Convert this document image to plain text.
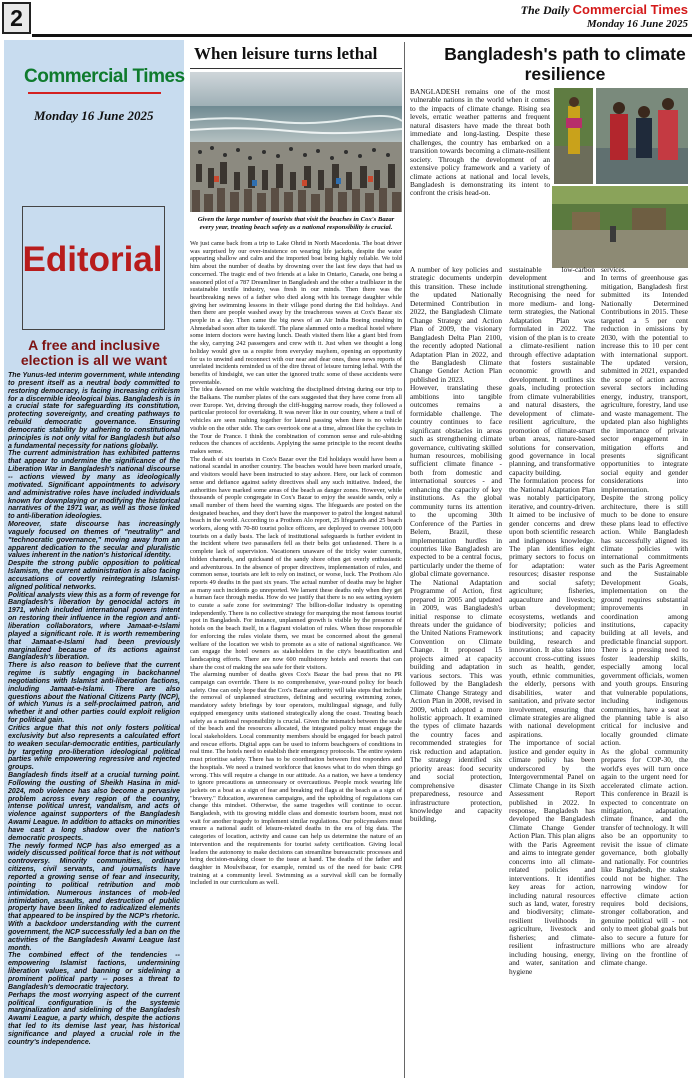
2	The Daily Commercial Times
Monday 16 June 2025
Commercial Times
Monday 16 June 2025
Editorial
A free and inclusive election is all we want

The Yunus-led interim government, while intending to present itself as a neutral body committed to restoring democracy, is facing increasing criticism for a discernible ideological bias. Bangladesh is in a crucial state for safeguarding its constitution, protecting sovereignty, and creating pathways to rebuild democratic governance. Ensuring democratic stability by adhering to constitutional principles is not only vital for Bangladesh but also a fundamental necessity for nations globally.

The current administration has exhibited patterns that appear to undermine the significance of the Liberation War in Bangladesh's national discourse -- actions viewed by many as ideologically motivated. Significant appointments to advisory and administrative roles have included individuals known for downplaying or modifying the historical narratives of the 1971 war, as well as those linked to anti-liberation ideologies.

Moreover, state discourse has increasingly vaguely focused on themes of "neutrality" and "technocratic governance," moving away from an apparent dedication to the secular and pluralistic values inherent in the nation's historical identity.

Despite the strong public opposition to political Islamism, the current administration is also facing accusations of covertly reintegrating Islamist-aligned political networks.

Political analysts view this as a form of revenge for Bangladesh's liberation by genocidal actors in 1971, which included international powers intent on restoring their influence in the region and anti-liberation collaborators, where Jamaat-e-Islami played a significant role. It is worth remembering that Jamaat-e-Islami had been previously marginalized because of its actions against Bangladesh's liberation.

There is also reason to believe that the current regime is subtly engaging in backchannel negotiations with Islamist anti-liberation factions, including Jamaat-e-Islami. There are also questions about the National Citizens Party (NCP), of which Yunus is a self-proclaimed patron, and whether it and other parties could exploit religion for political gain.

Critics argue that this not only fosters political exclusivity but also represents a calculated effort to weaken secular-democratic entities, particularly by targeting pro-liberation ideological political parties while empowering regressive and rejected groups.

Bangladesh finds itself at a crucial turning point. Following the ousting of Sheikh Hasina in mid-2024, mob violence has also become a pervasive problem across every region of the country, intense political unrest, vandalism, and acts of violence against supporters of the Bangladesh Awami League. In addition to attacks on minorities have cast a long shadow over the nation's democratic prospects.

The newly formed NCP has also emerged as a widely discussed political force that is not without controversy. Minority communities, ordinary citizens, civil servants, and journalists have reported a growing sense of fear and insecurity, pointing to political retribution and mob intimidation. Numerous instances of mob-led intimidation, assaults, and destruction of public property have been linked to radicalized elements that appeared to be inspired by the NCP's rhetoric. With a backdoor understanding with the current government, the NCP successfully led a ban on the activities of the Bangladesh Awami League last month.

The combined effect of the tendencies -- empowering Islamist factions, undermining liberation values, and banning or sidelining a prominent political party -- poses a threat to Bangladesh's democratic trajectory.

Perhaps the most worrying aspect of the current political configuration is the systemic marginalization and sidelining of the Bangladesh Awami League, a party which, despite the actions that led to its demise last year, has historical significance and played a crucial role in the country's independence.

When leisure turns lethal
Given the large number of tourists that visit the beaches in Cox's Bazar every year, treating beach safety as a national responsibility is crucial.

We just came back from a trip to Lake Ohrid in North Macedonia. The boat driver was surprised by our over-insistence on wearing life jackets, despite the water appearing shallow and calm and the imported boat being highly reliable. We told him about the number of deaths by drowning over the last few days that had us concerned. The tragic end of two friends at a lake in Ontario, Canada, one being a seasoned pilot of a 787 Dreamliner in Bangladesh and the other a trailblazer in the sustainable textile industry, was fresh in our minds. Then there was the heartbreaking news of a father who died along with his teenage daughter while giving her swimming lessons in their village pond during the Eid holidays. And then there are people washed away by the treacherous waves at Cox's Bazar six people in a day. Then came the big news of an Air India Boeing crashing in Ahmedabad soon after its takeoff. The plane slammed onto a medical hostel where some intern doctors were having lunch. Death visited them like a giant bird from the sky, carrying 242 passengers and crew with it. Just when we thought a long holiday would give us a respite from everyday mayhem, opening an opportunity for us to unwind and reconnect with our near and dear ones, these news reports of unrelated incidents reminded us of the dire threat of leisure turning lethal. With the benefits of hindsight, we can utter the ignored truth: some of these accidents were preventable.

The idea dawned on me while watching the disciplined driving during our trip to the Balkans. The number plates of the cars suggested that they have come from all over Europe. Yet, driving through the cliff-hugging narrow roads, they followed a particular protocol for overtaking. It was never like in our country, where a trail of vehicles are seen rushing together for lateral passing when there is no vehicle visible on the other side. The cars overtook one at a time, almost like the cyclists in the Tour de France. I think the combination of common sense and rule-abiding reduces the chances of accidents. Applying the same principle to the recent deaths makes sense.

The death of six tourists in Cox's Bazar over the Eid holidays would have been a national scandal in another country. The beaches would have been marked unsafe, and visitors would have been instructed to stay ashore. Here, our lack of common sense and defiance against safety directives shall any such initiative. Indeed, the authorities have marked some areas of the beach as danger zones. However, while thousands of people congregate in Cox's Bazar to enjoy the seaside sands, only a small number of them heed the warning signs. The lifeguards are posted on the designated beaches, and they don't have the manpower to patrol the longest natural beach in the world. According to a Prothom Alo report, 25 lifeguards and 25 beach workers, along with 70-80 tourist police officers, are deployed to oversee 100,000 tourists on a daily basis. The lack of institutional safeguards is further evident in the incident where two parasailers fell as their belts got unfastened. There is a complete lack of supervision. Vacationers unaware of the tricky water currents, hidden channels, and quicksand of the sandy shore often get overly enthusiastic and adventurous. In the absence of proper directives, implementation of rules, and common sense, tourists are left to rely on instinct, or worse, luck. The Prothom Alo reports 49 deaths in the past six years. The actual number of deaths may be higher as many such incidents go unreported. We lament these deaths only when they get a human face through media. How do we justify that there is no sea setting system to curate a safe zone for swimming? The billion-dollar industry is operating independently. There is no collective strategy for marquing the most famous tourist spot in Bangladesh. For instance, unplanned growth is visible by the presence of hotels on the beach itself, in a flagrant violation of rules. When those responsible for enforcing the rules violate them, we must be concerned about the general welfare of the location we wish to promote as a site of national significance. We can engage the hotel owners as stakeholders in the city's beautification and landscaping efforts. There are now 600 multistorey hotels and resorts that can share the cost of making the sea safe for their visitors.

The alarming number of deaths gives Cox's Bazar the bad press that no PR campaign can override. There is no comprehensive, year-round policy for beach safety. One can only hope that the Cox's Bazar authority will take steps that include the removal of unplanned structures, defining and securing swimming zones, mandatory safety briefings by tour operators, multilingual signage, and fully equipped emergency units stationed strategically along the coast. Treating beach safety as a national responsibility is crucial. Given the mismatch between the scale of the beach and the resources allocated, the integrated policy must engage the local stakeholders. Local community members should be engaged for beach patrol and rescue efforts. Digital apps can be used to inform beachgoers of conditions in real time. The hotels need to establish their emergency protocols. The entire system must prioritise safety. There has to be coordination between first responders and the hospitals. We need a trained workforce that knows what to do when things go wrong. This will require a change in our attitude. As a nation, we have a tendency to ignore precautions as unnecessary or overcautious. People mock wearing life jackets on a boat as a sign of fear and breaking red flags at the beach as a sign of "bravery." Education, awareness campaigns, and the upholding of regulations can change this mindset. Otherwise, the same tragedies will continue to occur. Bangladesh, with its growing middle class and domestic tourism boom, must not wait for another tragedy to implement similar regulations. Our policymakers must ensure a national audit of leisure-related deaths in the era of big data. The categories of location, activity and cause can help us determine the nature of an intervention and the requirements for tourist safety certification. Giving local leaders the autonomy to make decisions can streamline bureaucratic processes and bring decision-making closer to the issue at hand. The deaths of the father and daughter in Moulvibazar, for example, remind us of the need for basic CPR training at a community level. Swimming as a survival skill can be formally included in our curriculum as well.

Bangladesh's path to climate resilience

BANGLADESH remains one of the most vulnerable nations in the world when it comes to the impacts of climate change. Rising sea levels, erratic weather patterns and frequent natural disasters have made the threat both immediate and long-lasting. Despite these challenges, the country has embarked on a transition towards becoming a climate-resilient society. Through the development of an extensive policy framework and a variety of climate actions at national and local levels, Bangladesh is demonstrating its intent to confront the crisis head-on.

A number of key policies and strategic documents underpin this transition. These include the updated Nationally Determined Contribution in 2022, the Bangladesh Climate Change Strategy and Action Plan of 2009, the visionary Bangladesh Delta Plan 2100, the recently adopted National Adaptation Plan in 2022, and the Bangladesh Climate Change Gender Action Plan published in 2023.

However, translating these ambitions into tangible outcomes remains a formidable challenge. The country continues to face significant obstacles in areas such as strengthening climate governance, cultivating skilled human resources, mobilising sufficient climate finance - both from domestic and international sources - and enhancing the capacity of key institutions. As the global community turns its attention to the upcoming 30th Conference of the Parties in Belem, Brazil, these implementation hurdles in countries like Bangladesh are expected to be a central focus, particularly under the theme of global climate governance.

The National Adaptation Programme of Action, first prepared in 2005 and updated in 2009, was Bangladesh's initial response to climate threats under the guidance of the United Nations Framework Convention on Climate Change. It proposed 15 projects aimed at capacity building and adaptation in various sectors. This was followed by the Bangladesh Climate Change Strategy and Action Plan in 2008, revised in 2009, which adopted a more holistic approach. It examined the types of climate hazards the country faces and recommended strategies for risk reduction and adaptation. The strategy identified six priority areas: food security and social protection, comprehensive disaster preparedness, resource and infrastructure protection, knowledge and capacity building,

sustainable low-carbon development and institutional strengthening.

Recognising the need for more medium- and long-term strategies, the National Adaptation Plan was formulated in 2022. The vision of the plan is to create a climate-resilient nation through effective adaptation that fosters sustainable economic growth and development. It outlines six goals, including protection from climate vulnerabilities and natural disasters, the development of climate-resilient agriculture, the promotion of climate-smart urban areas, nature-based solutions for conservation, good governance in local planning, and transformative capacity building.

The formulation process for the National Adaptation Plan was notably participatory, iterative, and country-driven. It aimed to be inclusive of gender concerns and drew upon both scientific research and indigenous knowledge. The plan identifies eight primary sectors to focus on for adaptation: water resources; disaster response and social safety; agriculture; fisheries, aquaculture and livestock; urban development; ecosystems, wetlands and biodiversity; policies and institutions; and capacity building, research and innovation. It also takes into account cross-cutting issues such as health, gender, youth, ethnic communities, the elderly, persons with disabilities, water and sanitation, and private sector involvement, ensuring that climate strategies are aligned with national development aspirations.

The importance of social justice and gender equity in climate policy has been underscored by the Intergovernmental Panel on Climate Change in its Sixth Assessment Report published in 2022. In response, Bangladesh has developed the Bangladesh Climate Change Gender Action Plan. This plan aligns with the Paris Agreement and aims to integrate gender concerns into all climate-related policies and interventions. It identifies key areas for action, including natural resources such as land, water, forestry and biodiversity; climate-resilient livelihoods in agriculture, livestock and fisheries; and climate-resilient infrastructure including housing, energy, and water, sanitation and hygiene

services.

In terms of greenhouse gas mitigation, Bangladesh first submitted its Intended Nationally Determined Contributions in 2015. These targeted a 5 per cent reduction in emissions by 2030, with the potential to increase this to 10 per cent with international support. The updated version, submitted in 2021, expanded the scope of action across several sectors including energy, industry, transport, agriculture, forestry, land use and waste management. The updated plan also highlights the importance of private sector engagement in mitigation efforts and presents significant opportunities to integrate social equity and gender considerations into implementation.

Despite the strong policy architecture, there is still much to be done to ensure these plans lead to effective action. While Bangladesh has successfully aligned its climate policies with international commitments such as the Paris Agreement and the Sustainable Development Goals, implementation on the ground requires substantial improvements in coordination among institutions, capacity building at all levels, and predictable financial support. There is a pressing need to foster leadership skills, especially among local government officials, women and youth groups. Ensuring that vulnerable populations, including indigenous communities, have a seat at the planning table is also critical for inclusive and locally grounded climate action.

As the global community prepares for COP-30, the world's eyes will turn once again to the urgent need for accelerated climate action. This conference in Brazil is expected to concentrate on mitigation, adaptation, climate finance, and the transfer of technology. It will also be an opportunity to revisit the issue of climate governance, both globally and nationally. For countries like Bangladesh, the stakes could not be higher. The narrowing window for effective climate action requires bold decisions, stronger collaboration, and genuine political will - not only to meet global goals but also to secure a future for millions who are already living on the frontline of climate change.
